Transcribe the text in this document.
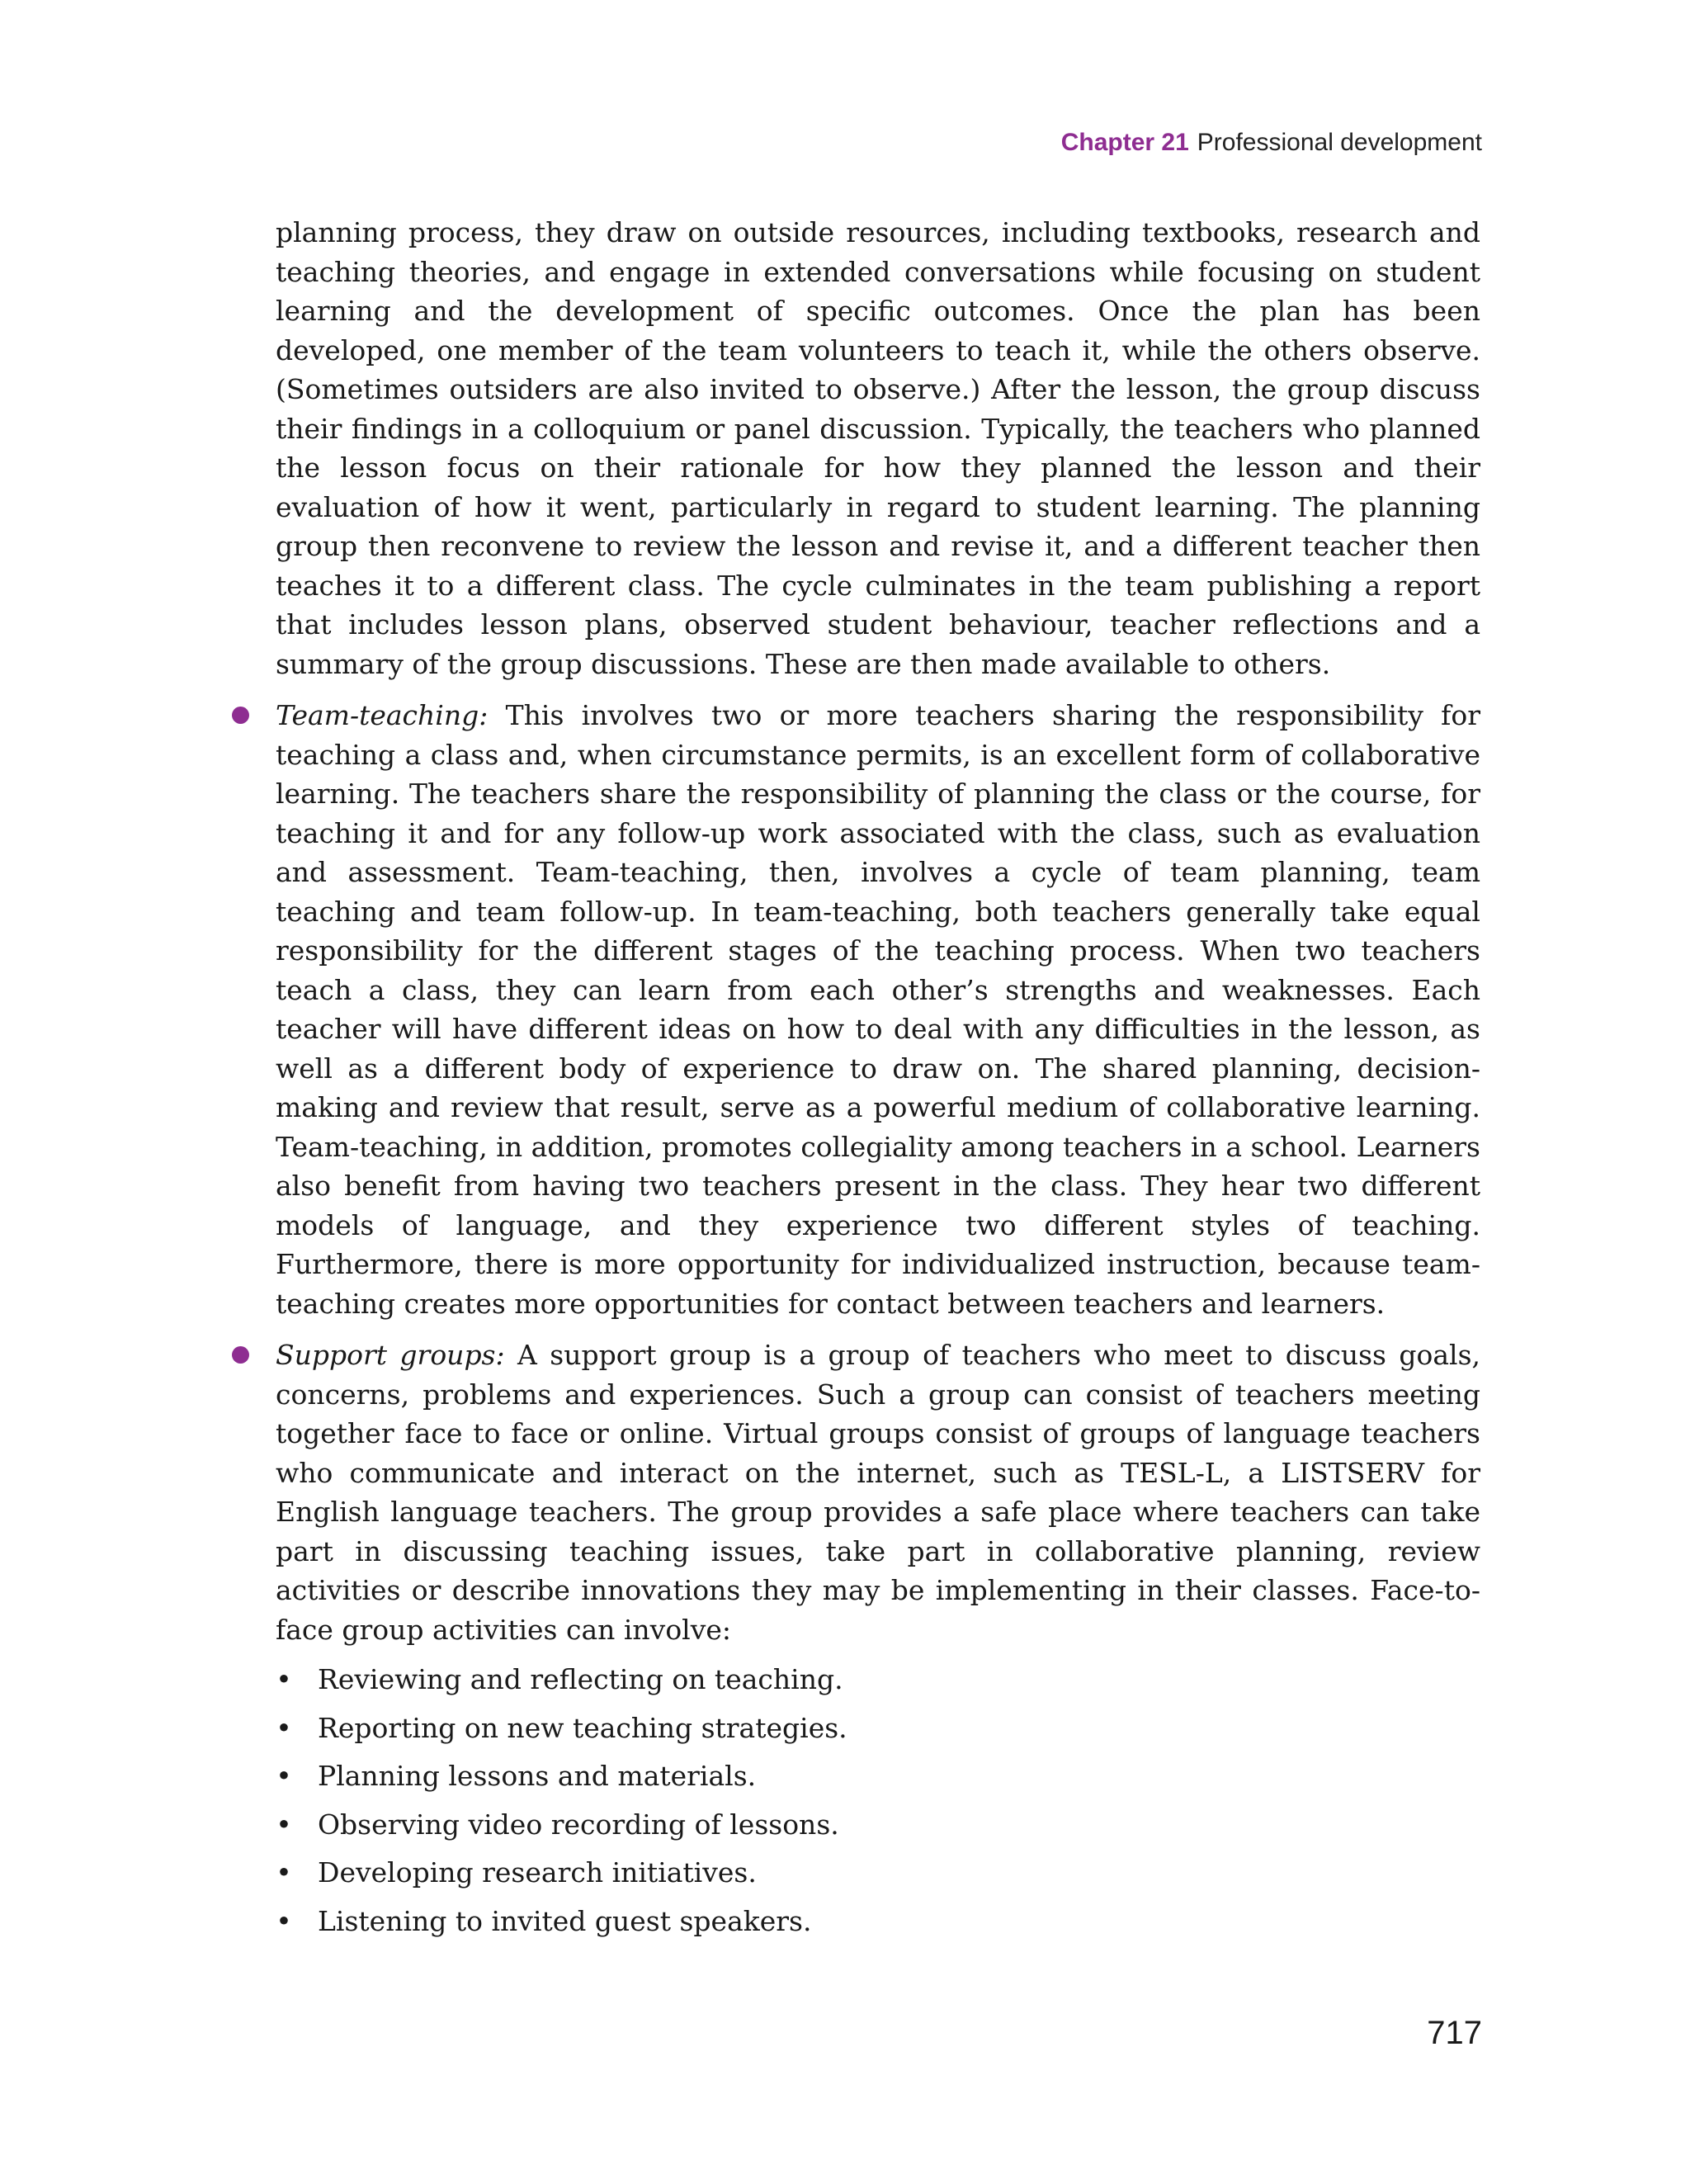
Chapter 21 Professional development

planning process, they draw on outside resources, including textbooks, research and teaching theories, and engage in extended conversations while focusing on student learning and the development of specific outcomes. Once the plan has been developed, one member of the team volunteers to teach it, while the others observe. (Sometimes outsiders are also invited to observe.) After the lesson, the group discuss their findings in a colloquium or panel discussion. Typically, the teachers who planned the lesson focus on their rationale for how they planned the lesson and their evaluation of how it went, particularly in regard to student learning. The planning group then reconvene to review the lesson and revise it, and a different teacher then teaches it to a different class. The cycle culminates in the team publishing a report that includes lesson plans, observed student behaviour, teacher reflections and a summary of the group discussions. These are then made available to others.

Team-teaching: This involves two or more teachers sharing the responsibility for teaching a class and, when circumstance permits, is an excellent form of collaborative learning. The teachers share the responsibility of planning the class or the course, for teaching it and for any follow-up work associated with the class, such as evaluation and assessment. Team-teaching, then, involves a cycle of team planning, team teaching and team follow-up. In team-teaching, both teachers generally take equal responsibility for the different stages of the teaching process. When two teachers teach a class, they can learn from each other’s strengths and weaknesses. Each teacher will have different ideas on how to deal with any difficulties in the lesson, as well as a different body of experience to draw on. The shared planning, decision-making and review that result, serve as a powerful medium of collaborative learning. Team-teaching, in addition, promotes collegiality among teachers in a school. Learners also benefit from having two teachers present in the class. They hear two different models of language, and they experience two different styles of teaching. Furthermore, there is more opportunity for individualized instruction, because team-teaching creates more opportunities for contact between teachers and learners.

Support groups: A support group is a group of teachers who meet to discuss goals, concerns, problems and experiences. Such a group can consist of teachers meeting together face to face or online. Virtual groups consist of groups of language teachers who communicate and interact on the internet, such as TESL-L, a LISTSERV for English language teachers. The group provides a safe place where teachers can take part in discussing teaching issues, take part in collaborative planning, review activities or describe innovations they may be implementing in their classes. Face-to-face group activities can involve:

• Reviewing and reflecting on teaching.
• Reporting on new teaching strategies.
• Planning lessons and materials.
• Observing video recording of lessons.
• Developing research initiatives.
• Listening to invited guest speakers.
717
